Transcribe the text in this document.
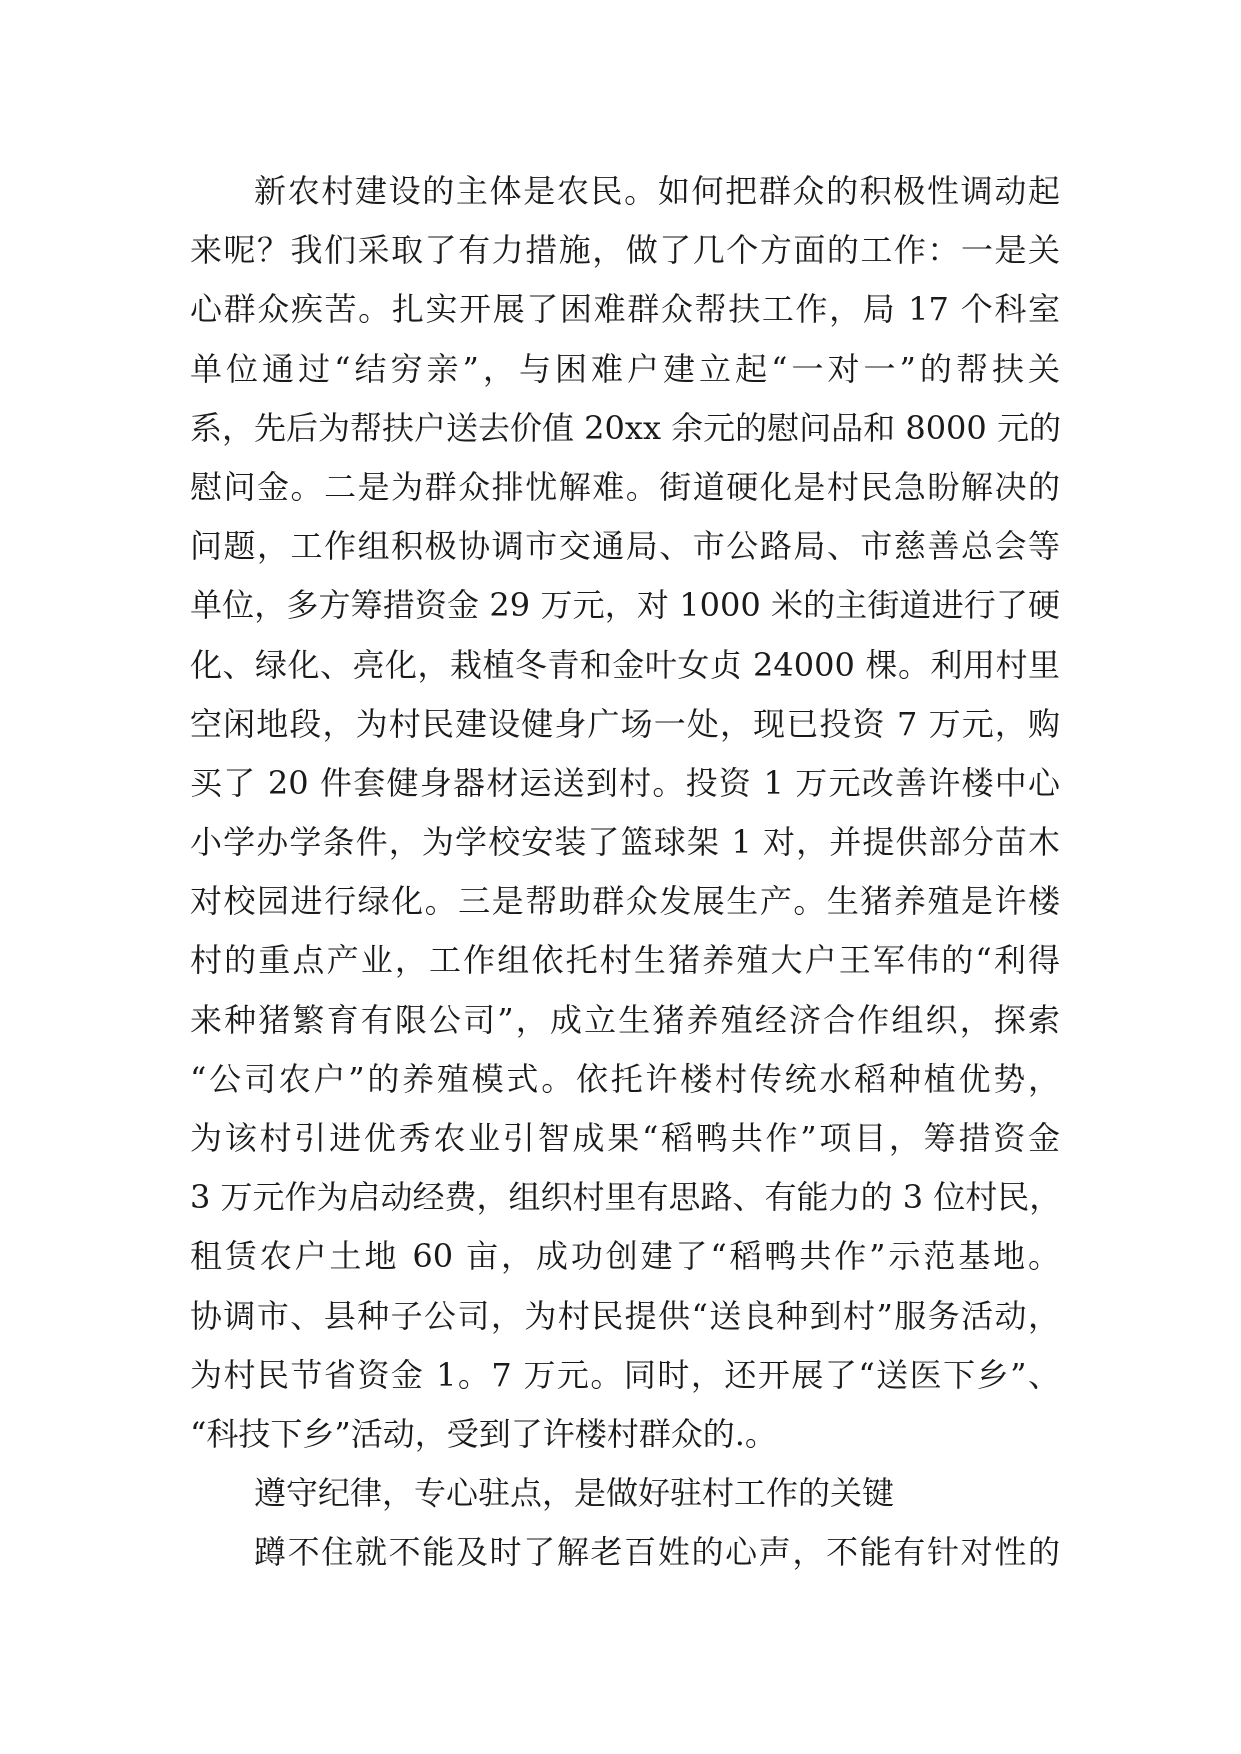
新农村建设的主体是农民。如何把群众的积极性调动起
来呢？我们采取了有力措施，做了几个方面的工作：一是关
心群众疾苦。扎实开展了困难群众帮扶工作，局 17 个科室
单位通过“结穷亲”，与困难户建立起“一对一”的帮扶关
系，先后为帮扶户送去价值 20xx 余元的慰问品和 8000 元的
慰问金。二是为群众排忧解难。街道硬化是村民急盼解决的
问题，工作组积极协调市交通局、市公路局、市慈善总会等
单位，多方筹措资金 29 万元，对 1000 米的主街道进行了硬
化、绿化、亮化，栽植冬青和金叶女贞 24000 棵。利用村里
空闲地段，为村民建设健身广场一处，现已投资 7 万元，购
买了 20 件套健身器材运送到村。投资 1 万元改善许楼中心
小学办学条件，为学校安装了篮球架 1 对，并提供部分苗木
对校园进行绿化。三是帮助群众发展生产。生猪养殖是许楼
村的重点产业，工作组依托村生猪养殖大户王军伟的“利得
来种猪繁育有限公司”，成立生猪养殖经济合作组织，探索
“公司农户”的养殖模式。依托许楼村传统水稻种植优势，
为该村引进优秀农业引智成果“稻鸭共作”项目，筹措资金
3 万元作为启动经费，组织村里有思路、有能力的 3 位村民，
租赁农户土地 60 亩，成功创建了“稻鸭共作”示范基地。
协调市、县种子公司，为村民提供“送良种到村”服务活动，
为村民节省资金 1。7 万元。同时，还开展了“送医下乡”、
“科技下乡”活动，受到了许楼村群众的.。
遵守纪律，专心驻点，是做好驻村工作的关键
蹲不住就不能及时了解老百姓的心声，不能有针对性的
